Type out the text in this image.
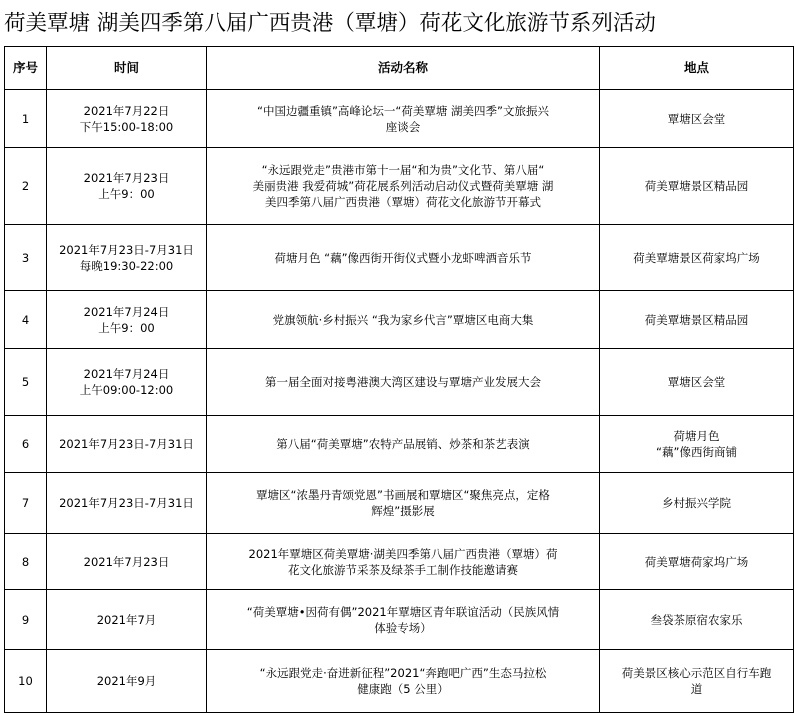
荷美覃塘 湖美四季第八届广西贵港（覃塘）荷花文化旅游节系列活动
序号	时间	活动名称	地点
1	2021年7月22日
下午15:00-18:00	“中国边疆重镇”高峰论坛一“荷美覃塘 湖美四季”文旅振兴
座谈会	覃塘区会堂

2	2021年7月23日
上午9：00	“永远跟党走”贵港市第十一届“和为贵”文化节、第八届“
美丽贵港 我爱荷城”荷花展系列活动启动仪式暨荷美覃塘 湖
美四季第八届广西贵港（覃塘）荷花文化旅游节开幕式	荷美覃塘景区精品园

3	2021年7月23日-7月31日
每晚19:30-22:00	荷塘月色 “藕”像西街开街仪式暨小龙虾啤酒音乐节	荷美覃塘景区荷家坞广场

4	2021年7月24日
上午9：00	党旗领航·乡村振兴 “我为家乡代言”覃塘区电商大集	荷美覃塘景区精品园

5	2021年7月24日
上午09:00-12:00	第一届全面对接粤港澳大湾区建设与覃塘产业发展大会	覃塘区会堂

6	2021年7月23日-7月31日	第八届“荷美覃塘”农特产品展销、炒茶和茶艺表演	荷塘月色
“藕”像西街商铺

7	2021年7月23日-7月31日	覃塘区“浓墨丹青颂党恩”书画展和覃塘区“聚焦亮点，定格
辉煌”摄影展	乡村振兴学院

8	2021年7月23日	2021年覃塘区荷美覃塘·湖美四季第八届广西贵港（覃塘）荷
花文化旅游节采茶及绿茶手工制作技能邀请赛	荷美覃塘荷家坞广场

9	2021年7月	“荷美覃塘•因荷有偶”2021年覃塘区青年联谊活动（民族风情
体验专场）	叁袋茶原宿农家乐

10	2021年9月	“永远跟党走·奋进新征程”2021“奔跑吧广西”生态马拉松
健康跑（5 公里）	荷美景区核心示范区自行车跑
道
